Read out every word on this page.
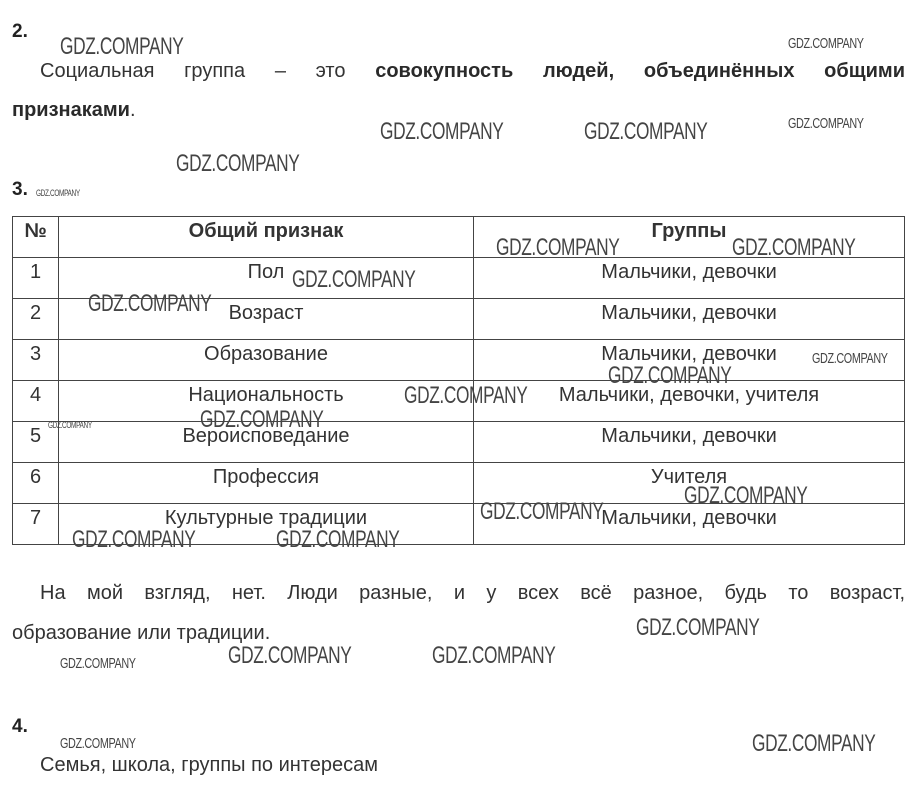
2.
Социальная группа – это совокупность людей, объединённых общими
признаками.
3.
№	Общий признак	Группы
1	Пол	Мальчики, девочки
2	Возраст	Мальчики, девочки
3	Образование	Мальчики, девочки
4	Национальность	Мальчики, девочки, учителя
5	Вероисповедание	Мальчики, девочки
6	Профессия	Учителя
7	Культурные традиции	Мальчики, девочки
На мой взгляд, нет. Люди разные, и у всех всё разное, будь то возраст,
образование или традиции.
4.
Семья, школа, группы по интересам
GDZ.COMPANY	GDZ.COMPANY
GDZ.COMPANY	GDZ.COMPANY	GDZ.COMPANY
GDZ.COMPANY
GDZ.COMPANY
GDZ.COMPANY	GDZ.COMPANY
GDZ.COMPANY
GDZ.COMPANY
GDZ.COMPANY
GDZ.COMPANY
GDZ.COMPANY
GDZ.COMPANY
GDZ.COMPANY
GDZ.COMPANY
GDZ.COMPANY
GDZ.COMPANY	GDZ.COMPANY
GDZ.COMPANY
GDZ.COMPANY	GDZ.COMPANY
GDZ.COMPANY
GDZ.COMPANY	GDZ.COMPANY
